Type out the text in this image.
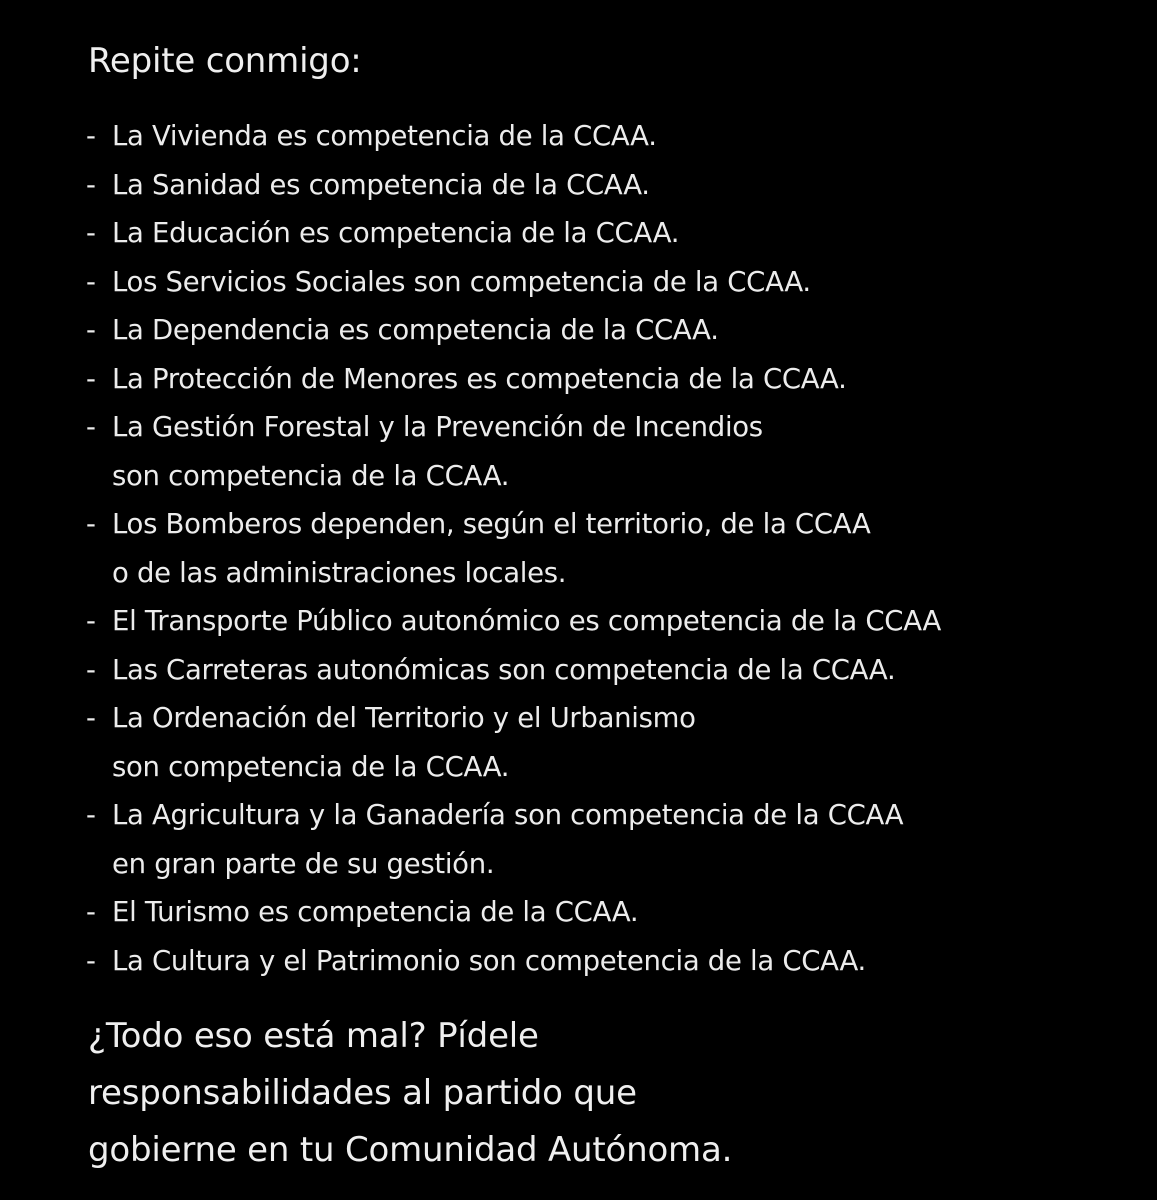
Repite conmigo:
- La Vivienda es competencia de la CCAA.
- La Sanidad es competencia de la CCAA.
- La Educación es competencia de la CCAA.
- Los Servicios Sociales son competencia de la CCAA.
- La Dependencia es competencia de la CCAA.
- La Protección de Menores es competencia de la CCAA.
- La Gestión Forestal y la Prevención de Incendios
son competencia de la CCAA.
- Los Bomberos dependen, según el territorio, de la CCAA
o de las administraciones locales.
- El Transporte Público autonómico es competencia de la CCAA
- Las Carreteras autonómicas son competencia de la CCAA.
- La Ordenación del Territorio y el Urbanismo
son competencia de la CCAA.
- La Agricultura y la Ganadería son competencia de la CCAA
en gran parte de su gestión.
- El Turismo es competencia de la CCAA.
- La Cultura y el Patrimonio son competencia de la CCAA.
¿Todo eso está mal? Pídele
responsabilidades al partido que
gobierne en tu Comunidad Autónoma.
